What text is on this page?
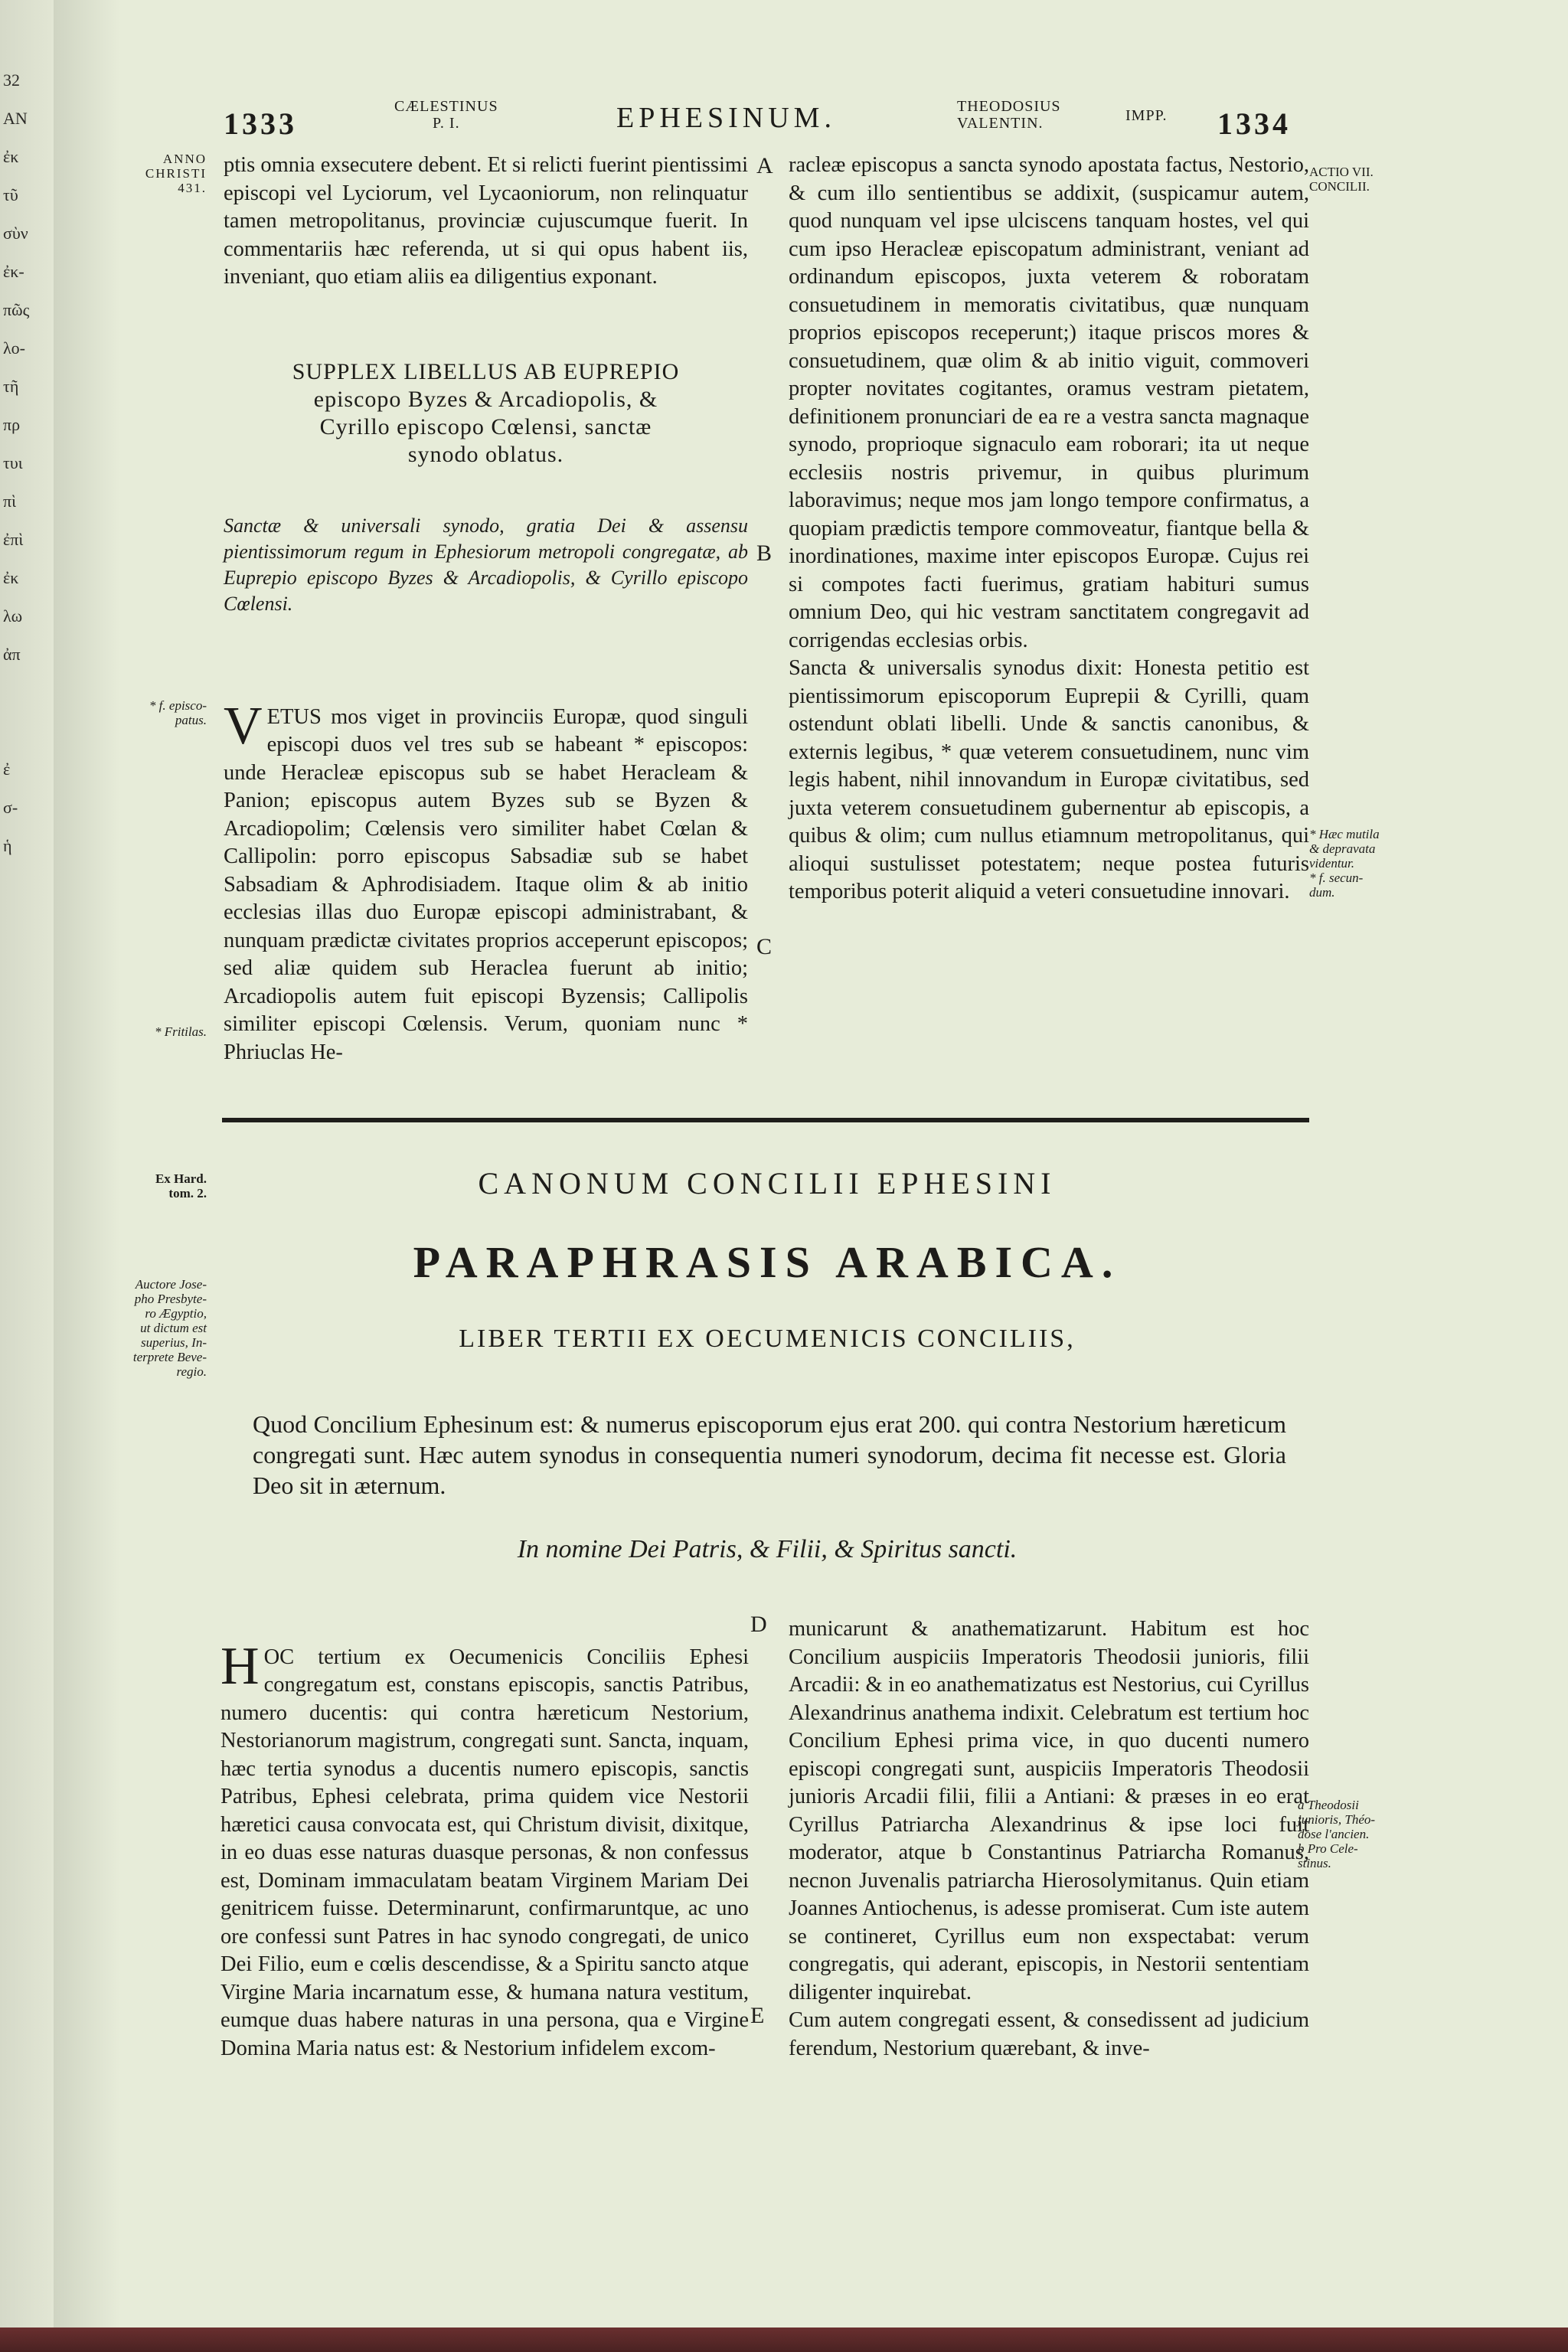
32
AN
ἐκ
τῦ
σὺν
ἐκ-
πῶς
λο-
τῆ
πρ
τυι
πὶ
ἐπὶ
ἐκ
λω
ἀπ

ἐ
σ-
ἡ
1333	CÆLESTINUS
P. I.	EPHESINUM.	THEODOSIUS
VALENTIN.	IMPP. 1334
ANNO
CHRISTI
431.
ACTIO VII.
CONCILII.
* f. episco-
patus.
* Fritilas.
* Hæc mutila
& depravata
videntur.
* f. secun-
dum.
Ex Hard.
tom. 2.
Auctore Jose-
pho Presbyte-
ro Ægyptio,
ut dictum est
superius, In-
terprete Beve-
regio.
a Theodosii
junioris, Théo-
dose l'ancien.
b Pro Cele-
stinus.
A
B
C
D
E
ptis omnia exsecutere debent. Et si relicti fuerint pientissimi episcopi vel Lyciorum, vel Lycaoniorum, non relinquatur tamen metropolitanus, provinciæ cujuscumque fuerit. In commentariis hæc referenda, ut si qui opus habent iis, inveniant, quo etiam aliis ea diligentius exponant.
SUPPLEX LIBELLUS AB EUPREPIO
episcopo Byzes & Arcadiopolis, &
Cyrillo episcopo Cœlensi, sanctæ
synodo oblatus.
Sanctæ & universali synodo, gratia Dei & assensu pientissimorum regum in Ephesiorum metropoli congregatæ, ab Euprepio episcopo Byzes & Arcadiopolis, & Cyrillo episcopo Cœlensi.

VETUS mos viget in provinciis Europæ, quod singuli episcopi duos vel tres sub se habeant * episcopos: unde Heracleæ episcopus sub se habet Heracleam & Panion; episcopus autem Byzes sub se Byzen & Arcadiopolim; Cœlensis vero similiter habet Cœlan & Callipolin: porro episcopus Sabsadiæ sub se habet Sabsadiam & Aphrodisiadem. Itaque olim & ab initio ecclesias illas duo Europæ episcopi administrabant, & nunquam prædictæ civitates proprios acceperunt episcopos; sed aliæ quidem sub Heraclea fuerunt ab initio; Arcadiopolis autem fuit episcopi Byzensis; Callipolis similiter episcopi Cœlensis. Verum, quoniam nunc * Phriuclas He-

racleæ episcopus a sancta synodo apostata factus, Nestorio, & cum illo sentientibus se addixit, (suspicamur autem, quod nunquam vel ipse ulciscens tanquam hostes, vel qui cum ipso Heracleæ episcopatum administrant, veniant ad ordinandum episcopos, juxta veterem & roboratam consuetudinem in memoratis civitatibus, quæ nunquam proprios episcopos receperunt;) itaque priscos mores & consuetudinem, quæ olim & ab initio viguit, commoveri propter novitates cogitantes, oramus vestram pietatem, definitionem pronunciari de ea re a vestra sancta magnaque synodo, proprioque signaculo eam roborari; ita ut neque ecclesiis nostris privemur, in quibus plurimum laboravimus; neque mos jam longo tempore confirmatus, a quopiam prædictis tempore commoveatur, fiantque bella & inordinationes, maxime inter episcopos Europæ. Cujus rei si compotes facti fuerimus, gratiam habituri sumus omnium Deo, qui hic vestram sanctitatem congregavit ad corrigendas ecclesias orbis.
Sancta & universalis synodus dixit: Honesta petitio est pientissimorum episcoporum Euprepii & Cyrilli, quam ostendunt oblati libelli. Unde & sanctis canonibus, & externis legibus, * quæ veterem consuetudinem, nunc vim legis habent, nihil innovandum in Europæ civitatibus, sed juxta veterem consuetudinem gubernentur ab episcopis, a quibus & olim; cum nullus etiamnum metropolitanus, qui alioqui sustulisset potestatem; neque postea futuris temporibus poterit aliquid a veteri consuetudine innovari.
CANONUM CONCILII EPHESINI
PARAPHRASIS ARABICA.
LIBER TERTII EX OECUMENICIS CONCILIIS,
Quod Concilium Ephesinum est: & numerus episcoporum ejus erat 200. qui contra Nestorium hæreticum congregati sunt. Hæc autem synodus in consequentia numeri synodorum, decima fit necesse est. Gloria Deo sit in æternum.
In nomine Dei Patris, & Filii, & Spiritus sancti.

HOC tertium ex Oecumenicis Conciliis Ephesi congregatum est, constans episcopis, sanctis Patribus, numero ducentis: qui contra hæreticum Nestorium, Nestorianorum magistrum, congregati sunt. Sancta, inquam, hæc tertia synodus a ducentis numero episcopis, sanctis Patribus, Ephesi celebrata, prima quidem vice Nestorii hæretici causa convocata est, qui Christum divisit, dixitque, in eo duas esse naturas duasque personas, & non confessus est, Dominam immaculatam beatam Virginem Mariam Dei genitricem fuisse. Determinarunt, confirmaruntque, ac uno ore confessi sunt Patres in hac synodo congregati, de unico Dei Filio, eum e cœlis descendisse, & a Spiritu sancto atque Virgine Maria incarnatum esse, & humana natura vestitum, eumque duas habere naturas in una persona, qua e Virgine Domina Maria natus est: & Nestorium infidelem excom-

municarunt & anathematizarunt. Habitum est hoc Concilium auspiciis Imperatoris Theodosii junioris, filii Arcadii: & in eo anathematizatus est Nestorius, cui Cyrillus Alexandrinus anathema indixit. Celebratum est tertium hoc Concilium Ephesi prima vice, in quo ducenti numero episcopi congregati sunt, auspiciis Imperatoris Theodosii junioris Arcadii filii, filii a Antiani: & præses in eo erat Cyrillus Patriarcha Alexandrinus & ipse loci fuit moderator, atque b Constantinus Patriarcha Romanus, necnon Juvenalis patriarcha Hierosolymitanus. Quin etiam Joannes Antiochenus, is adesse promiserat. Cum iste autem se contineret, Cyrillus eum non exspectabat: verum congregatis, qui aderant, episcopis, in Nestorii sententiam diligenter inquirebat.
Cum autem congregati essent, & consedissent ad judicium ferendum, Nestorium quærebant, & inve-
